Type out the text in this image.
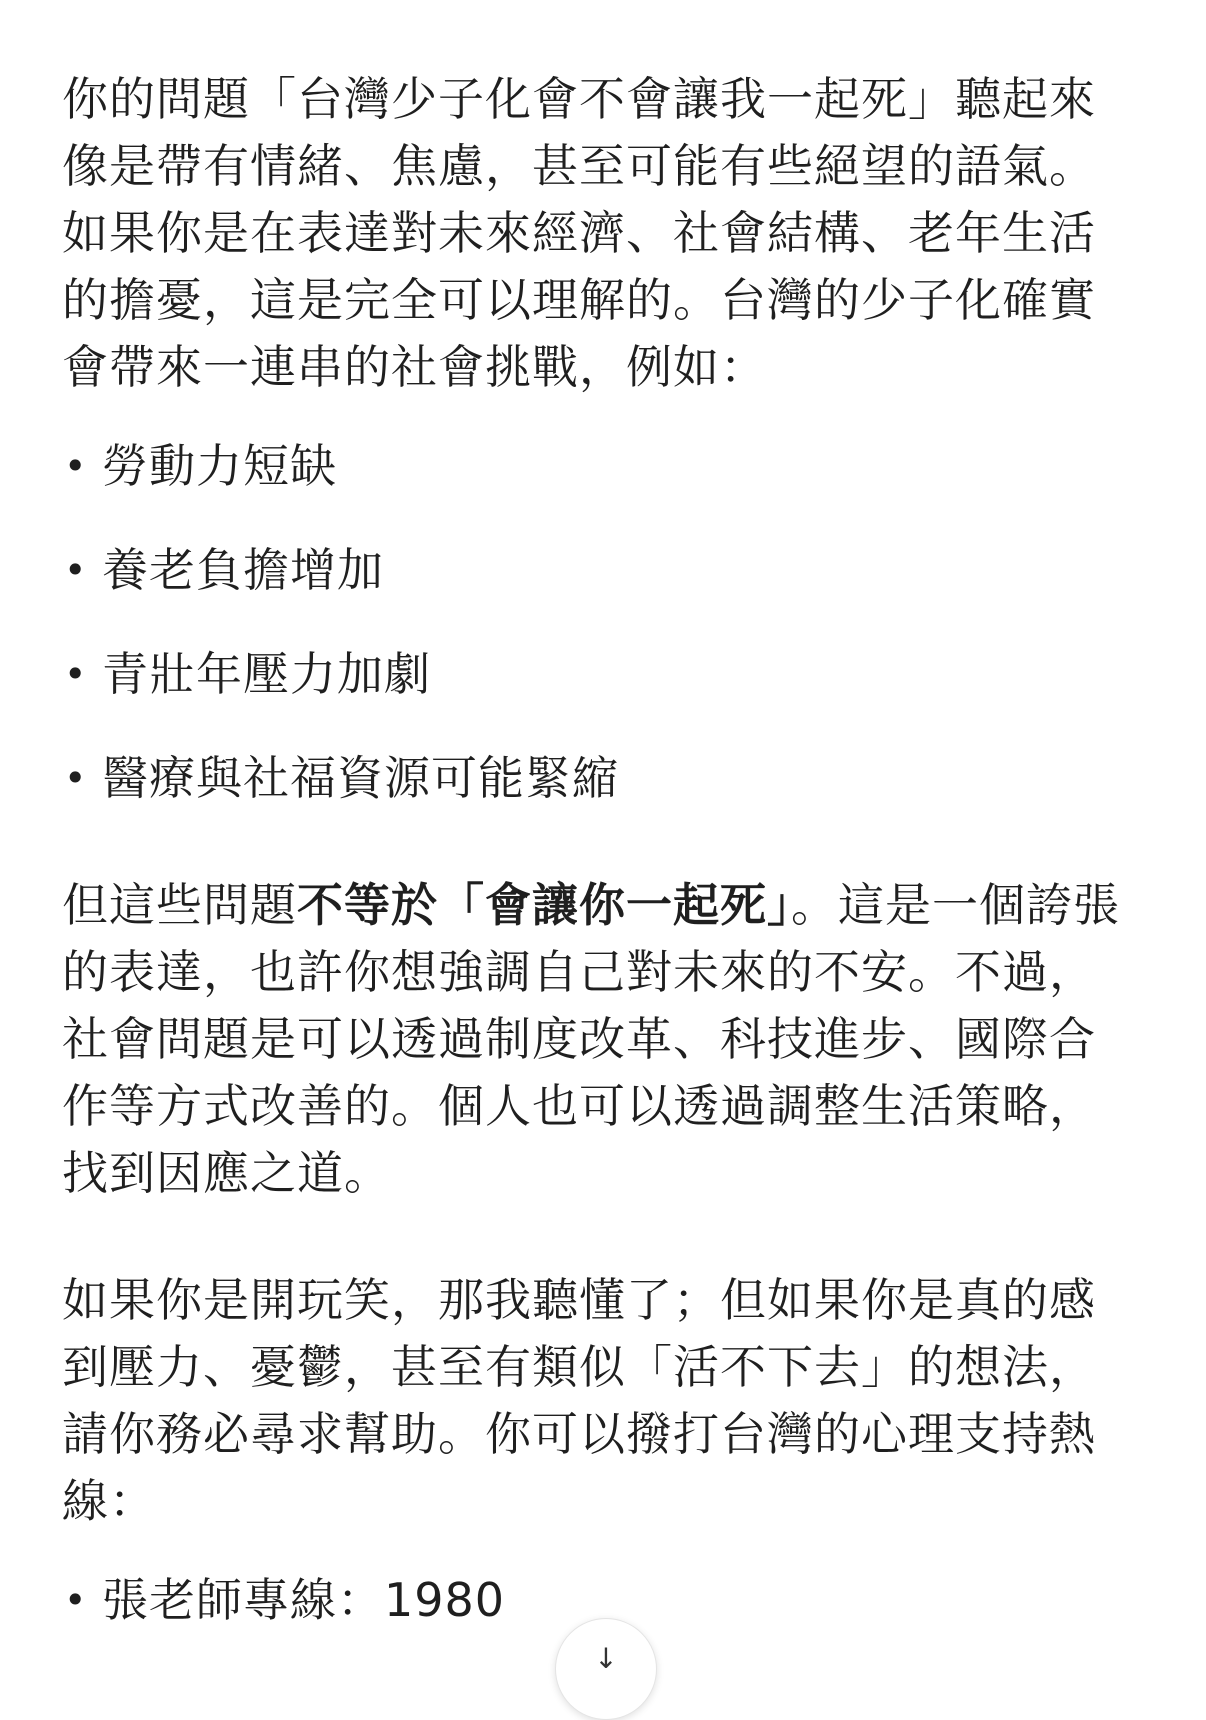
你的問題「台灣少子化會不會讓我一起死」聽起來像是帶有情緒、焦慮，甚至可能有些絕望的語氣。如果你是在表達對未來經濟、社會結構、老年生活的擔憂，這是完全可以理解的。台灣的少子化確實會帶來一連串的社會挑戰，例如：

• 勞動力短缺
• 養老負擔增加
• 青壯年壓力加劇
• 醫療與社福資源可能緊縮

但這些問題不等於「會讓你一起死」。這是一個誇張的表達，也許你想強調自己對未來的不安。不過，社會問題是可以透過制度改革、科技進步、國際合作等方式改善的。個人也可以透過調整生活策略，找到因應之道。

如果你是開玩笑，那我聽懂了；但如果你是真的感到壓力、憂鬱，甚至有類似「活不下去」的想法，請你務必尋求幫助。你可以撥打台灣的心理支持熱線：

• 張老師專線：1980
↓
